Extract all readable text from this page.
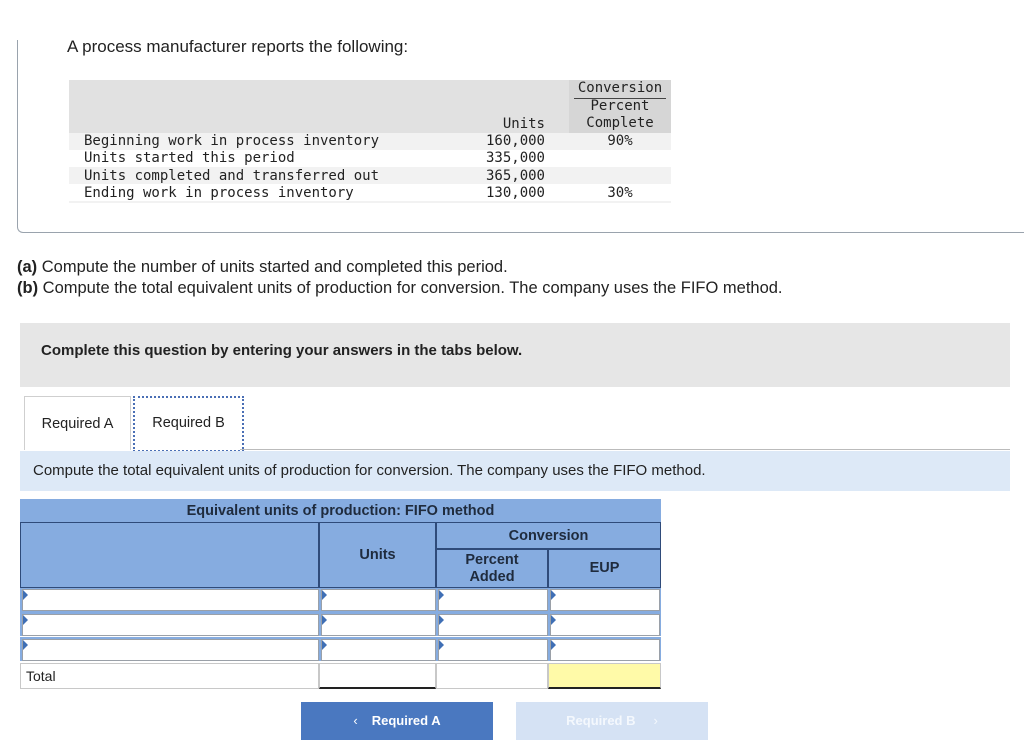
A process manufacturer reports the following:
Conversion
Percent
Complete
Units
Beginning work in process inventory	160,000	90%
Units started this period	335,000
Units completed and transferred out	365,000
Ending work in process inventory	130,000	30%
(a) Compute the number of units started and completed this period.
(b) Compute the total equivalent units of production for conversion. The company uses the FIFO method.
Complete this question by entering your answers in the tabs below.
Required A	Required B
Compute the total equivalent units of production for conversion. The company uses the FIFO method.
Equivalent units of production: FIFO method
Units
Conversion
Percent
Added
EUP
Total
‹ Required A	Required B ›
